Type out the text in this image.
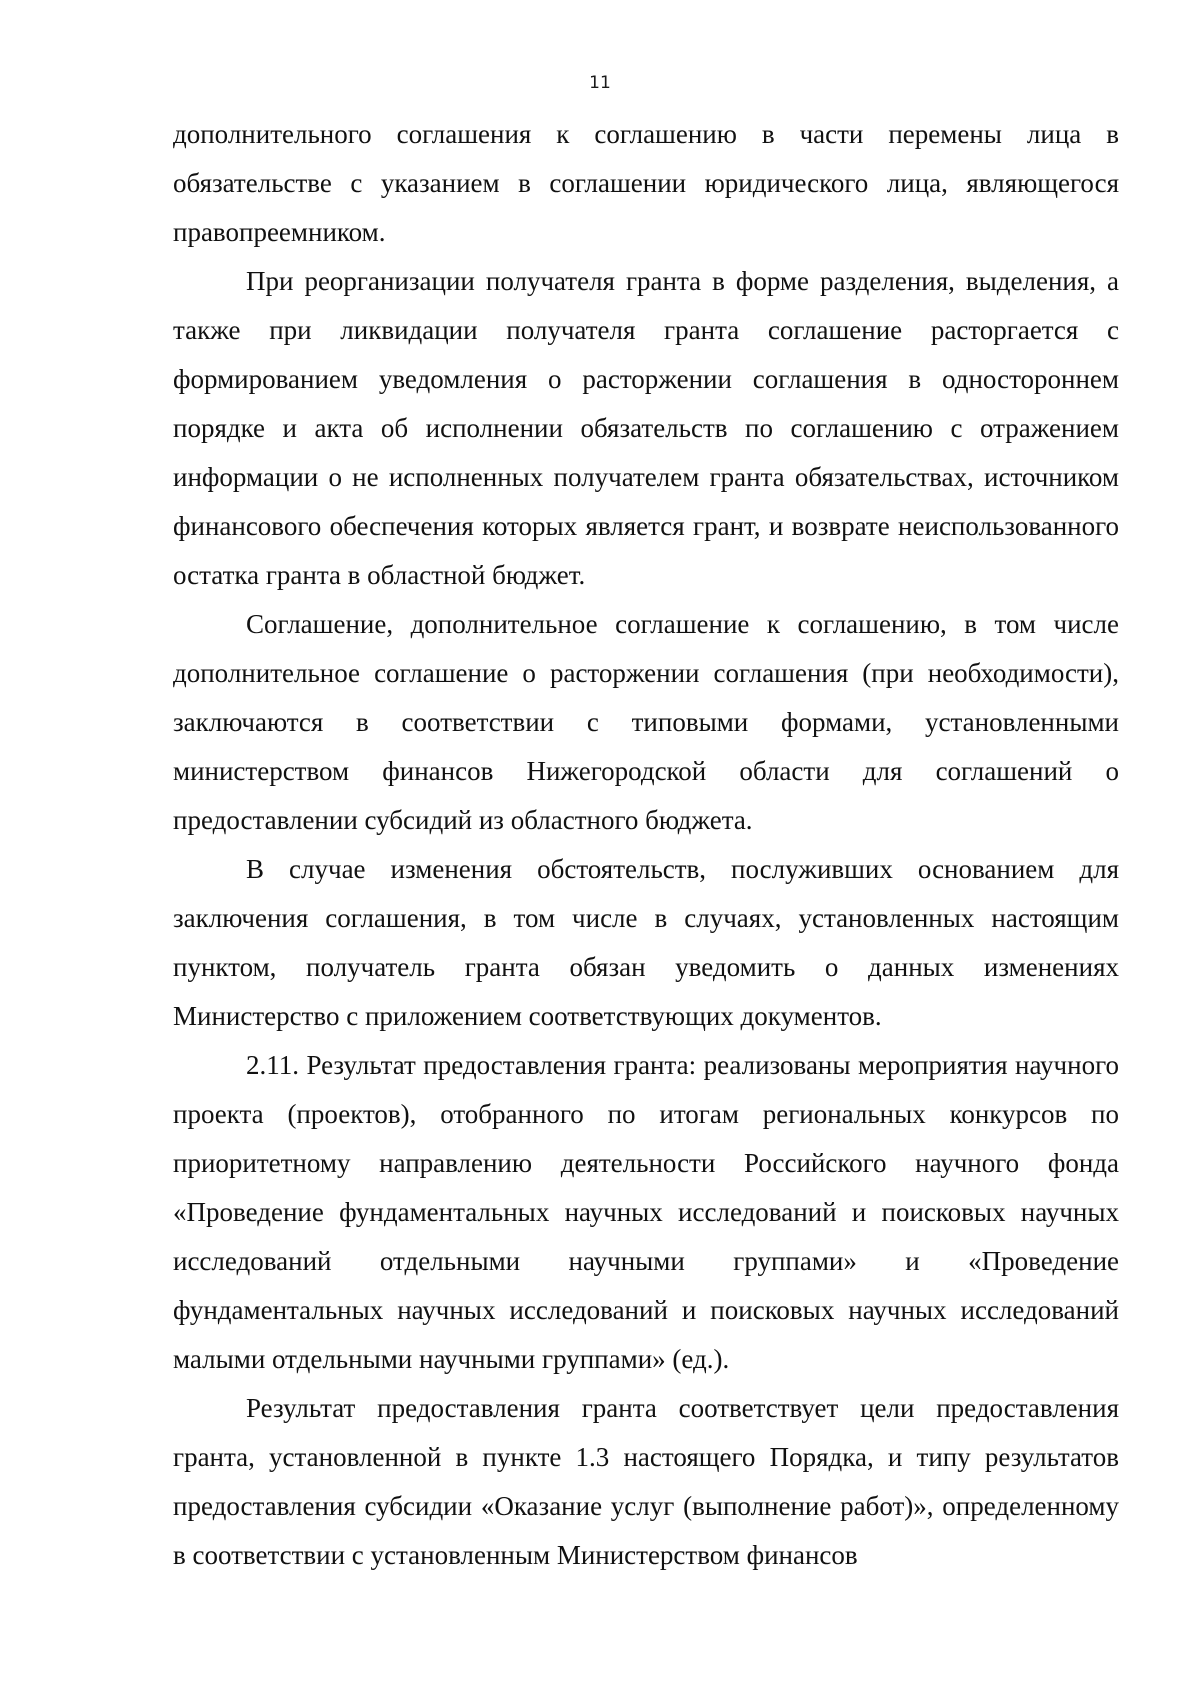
11

дополнительного соглашения к соглашению в части перемены лица в обязательстве с указанием в соглашении юридического лица, являющегося правопреемником.

При реорганизации получателя гранта в форме разделения, выделения, а также при ликвидации получателя гранта соглашение расторгается с формированием уведомления о расторжении соглашения в одностороннем порядке и акта об исполнении обязательств по соглашению с отражением информации о не исполненных получателем гранта обязательствах, источником финансового обеспечения которых является грант, и возврате неиспользованного остатка гранта в областной бюджет.

Соглашение, дополнительное соглашение к соглашению, в том числе дополнительное соглашение о расторжении соглашения (при необходимости), заключаются в соответствии с типовыми формами, установленными министерством финансов Нижегородской области для соглашений о предоставлении субсидий из областного бюджета.

В случае изменения обстоятельств, послуживших основанием для заключения соглашения, в том числе в случаях, установленных настоящим пунктом, получатель гранта обязан уведомить о данных изменениях Министерство с приложением соответствующих документов.

2.11. Результат предоставления гранта: реализованы мероприятия научного проекта (проектов), отобранного по итогам региональных конкурсов по приоритетному направлению деятельности Российского научного фонда «Проведение фундаментальных научных исследований и поисковых научных исследований отдельными научными группами» и «Проведение фундаментальных научных исследований и поисковых научных исследований малыми отдельными научными группами» (ед.).

Результат предоставления гранта соответствует цели предоставления гранта, установленной в пункте 1.3 настоящего Порядка, и типу результатов предоставления субсидии «Оказание услуг (выполнение работ)», определенному в соответствии с установленным Министерством финансов
